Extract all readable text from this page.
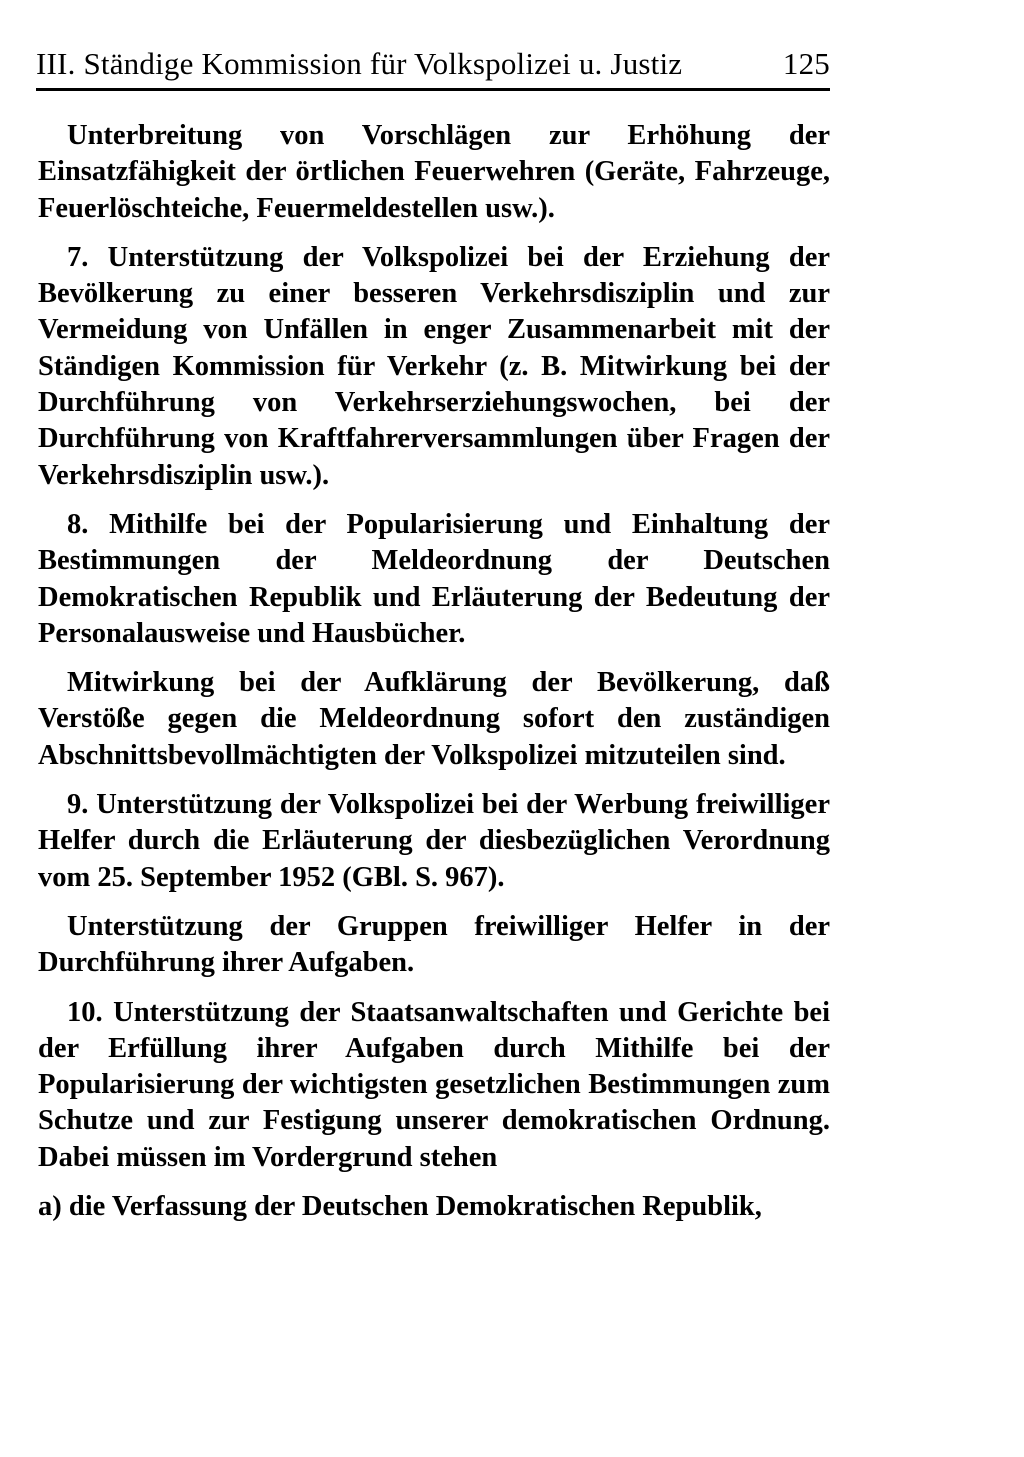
III. Ständige Kommission für Volkspolizei u. Justiz	125

Unterbreitung von Vorschlägen zur Erhöhung der Einsatzfähigkeit der örtlichen Feuerwehren (Geräte, Fahrzeuge, Feuerlöschteiche, Feuermeldestellen usw.).

7. Unterstützung der Volkspolizei bei der Erziehung der Bevölkerung zu einer besseren Verkehrsdisziplin und zur Vermeidung von Unfällen in enger Zusammenarbeit mit der Ständigen Kommission für Verkehr (z. B. Mitwirkung bei der Durchführung von Verkehrserziehungswochen, bei der Durchführung von Kraftfahrerversammlungen über Fragen der Verkehrsdisziplin usw.).

8. Mithilfe bei der Popularisierung und Einhaltung der Bestimmungen der Meldeordnung der Deutschen Demokratischen Republik und Erläuterung der Bedeutung der Personalausweise und Hausbücher.

Mitwirkung bei der Aufklärung der Bevölkerung, daß Verstöße gegen die Meldeordnung sofort den zuständigen Abschnittsbevollmächtigten der Volkspolizei mitzuteilen sind.

9. Unterstützung der Volkspolizei bei der Werbung freiwilliger Helfer durch die Erläuterung der diesbezüglichen Verordnung vom 25. September 1952 (GBl. S. 967).

Unterstützung der Gruppen freiwilliger Helfer in der Durchführung ihrer Aufgaben.

10. Unterstützung der Staatsanwaltschaften und Gerichte bei der Erfüllung ihrer Aufgaben durch Mithilfe bei der Popularisierung der wichtigsten gesetzlichen Bestimmungen zum Schutze und zur Festigung unserer demokratischen Ordnung. Dabei müssen im Vordergrund stehen

a) die Verfassung der Deutschen Demokratischen Republik,
